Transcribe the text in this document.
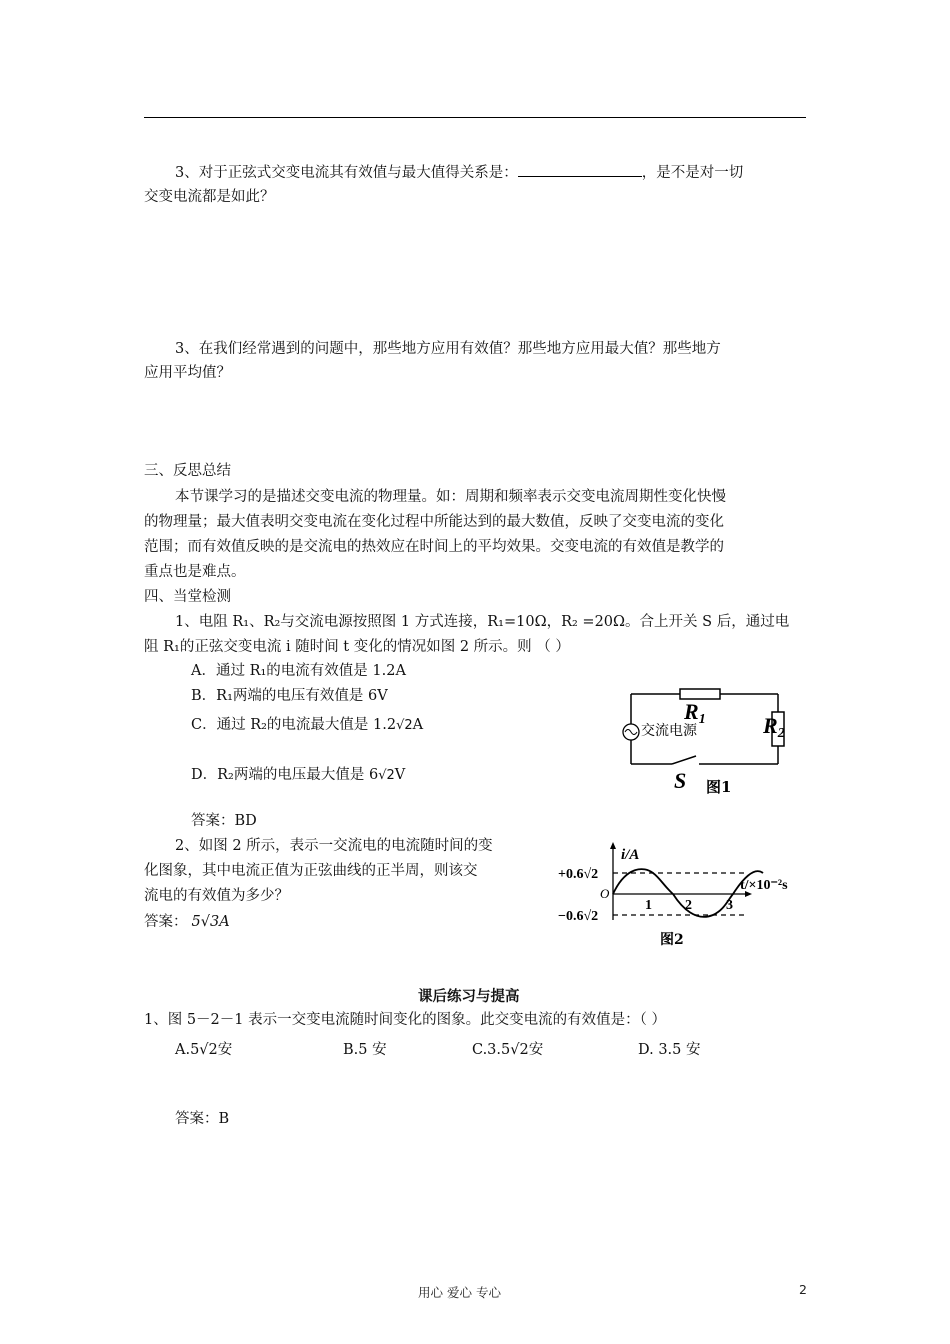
3、对于正弦式交变电流其有效值与最大值得关系是：	，是不是对一切
交变电流都是如此？
3、在我们经常遇到的问题中，那些地方应用有效值？那些地方应用最大值？那些地方
应用平均值？
三、反思总结
本节课学习的是描述交变电流的物理量。如：周期和频率表示交变电流周期性变化快慢
的物理量；最大值表明交变电流在变化过程中所能达到的最大数值，反映了交变电流的变化
范围；而有效值反映的是交流电的热效应在时间上的平均效果。交变电流的有效值是教学的
重点也是难点。
四、当堂检测
1、电阻 R₁、R₂与交流电源按照图 1 方式连接，R₁=10Ω，R₂ =20Ω。合上开关 S 后，通过电
阻 R₁的正弦交变电流 i 随时间 t 变化的情况如图 2 所示。则 （ ）
A．通过 R₁的电流有效值是 1.2A
B．R₁两端的电压有效值是 6V
C．通过 R₂的电流最大值是 1.2√2A
D．R₂两端的电压最大值是 6√2V
答案：BD
2、如图 2 所示，表示一交流电的电流随时间的变
化图象，其中电流正值为正弦曲线的正半周，则该交
流电的有效值为多少？
答案： 5√3A
R1	R2
交流电源
S 图1
i/A
+0.6√2
−0.6√2
O
1 2 3
t/×10⁻²s
图2
课后练习与提高
1、图 5－2－1 表示一交变电流随时间变化的图象。此交变电流的有效值是：（ ）
A.5√2安	B.5 安	C.3.5√2安	D. 3.5 安
答案：B
用心 爱心 专心	2
